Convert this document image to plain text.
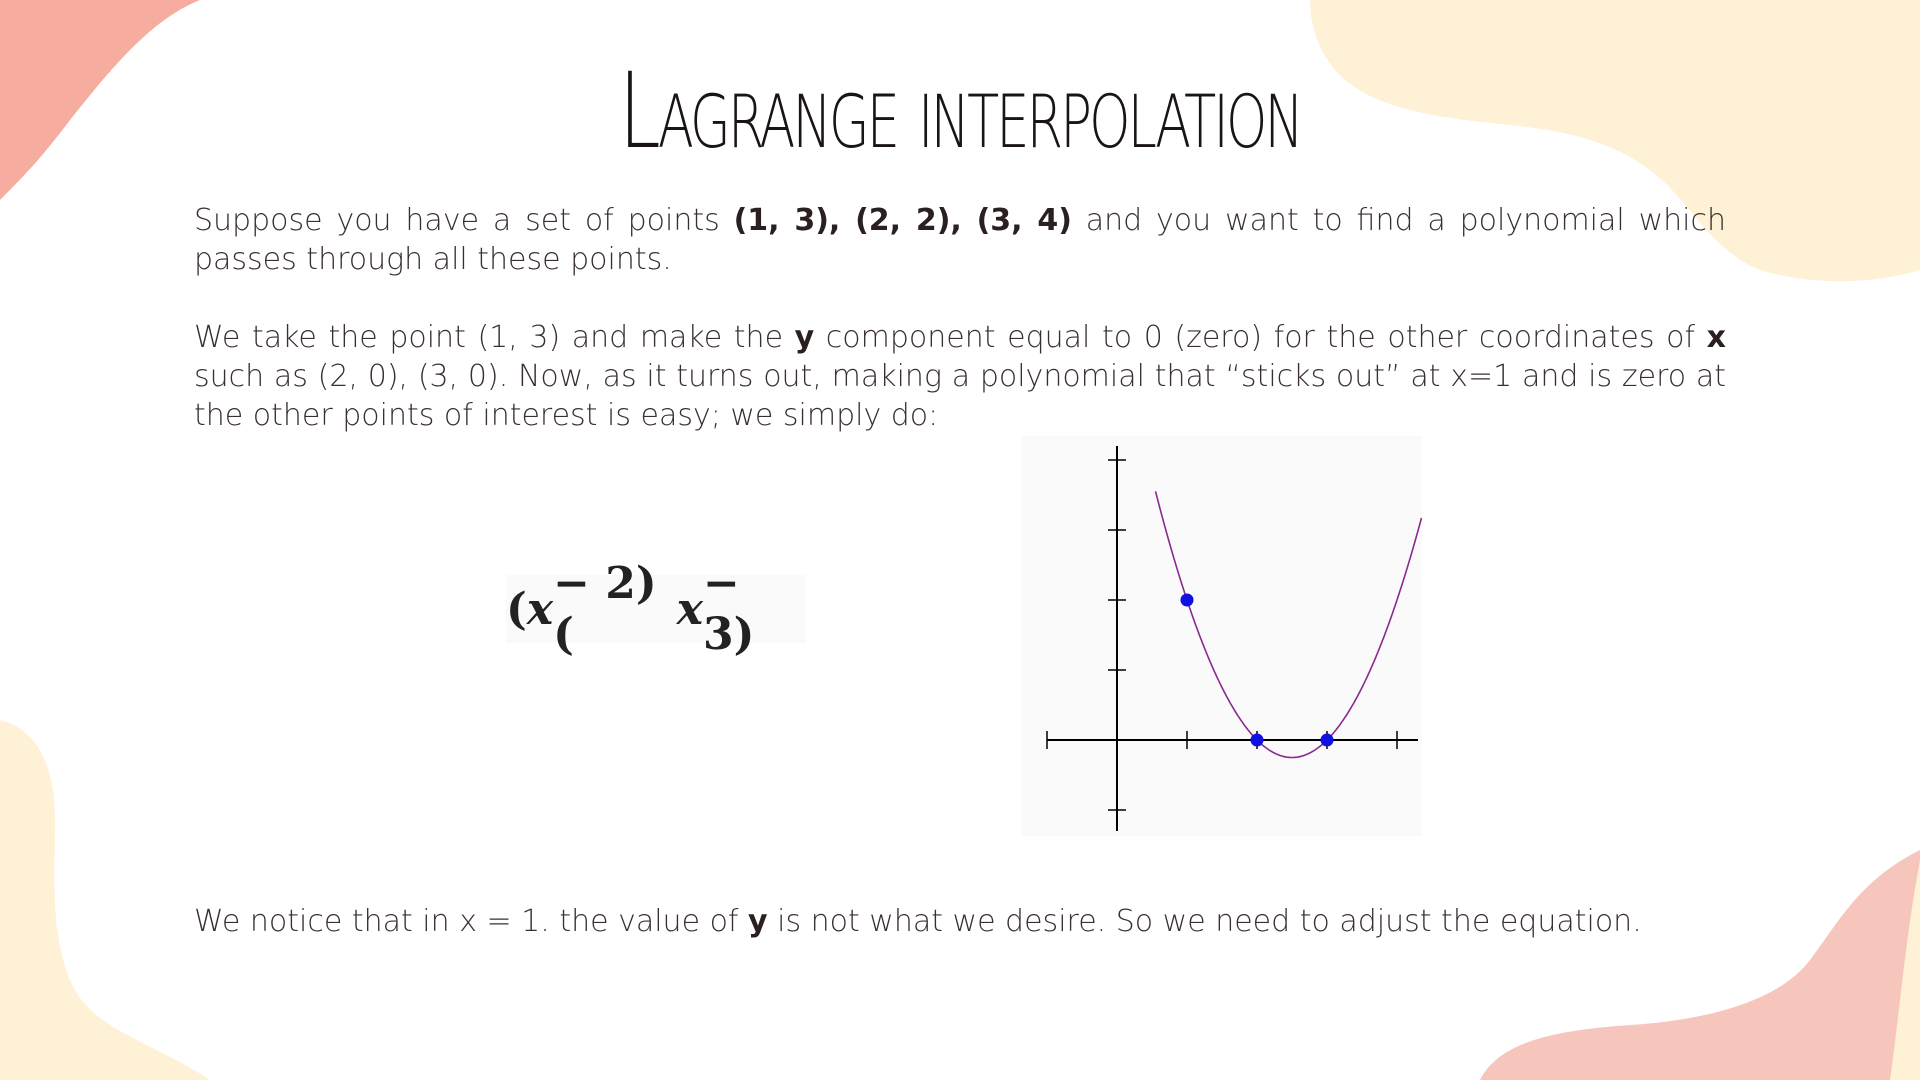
Lagrange interpolation

Suppose you have a set of points (1, 3), (2, 2), (3, 4) and you want to find a polynomial which passes through all these points.

We take the point (1, 3) and make the y component equal to 0 (zero) for the other coordinates of x such as (2, 0), (3, 0). Now, as it turns out, making a polynomial that “sticks out” at x=1 and is zero at the other points of interest is easy; we simply do:

( x − 2)(	x − 3)

We notice that in x = 1. the value of y is not what we desire. So we need to adjust the equation.
